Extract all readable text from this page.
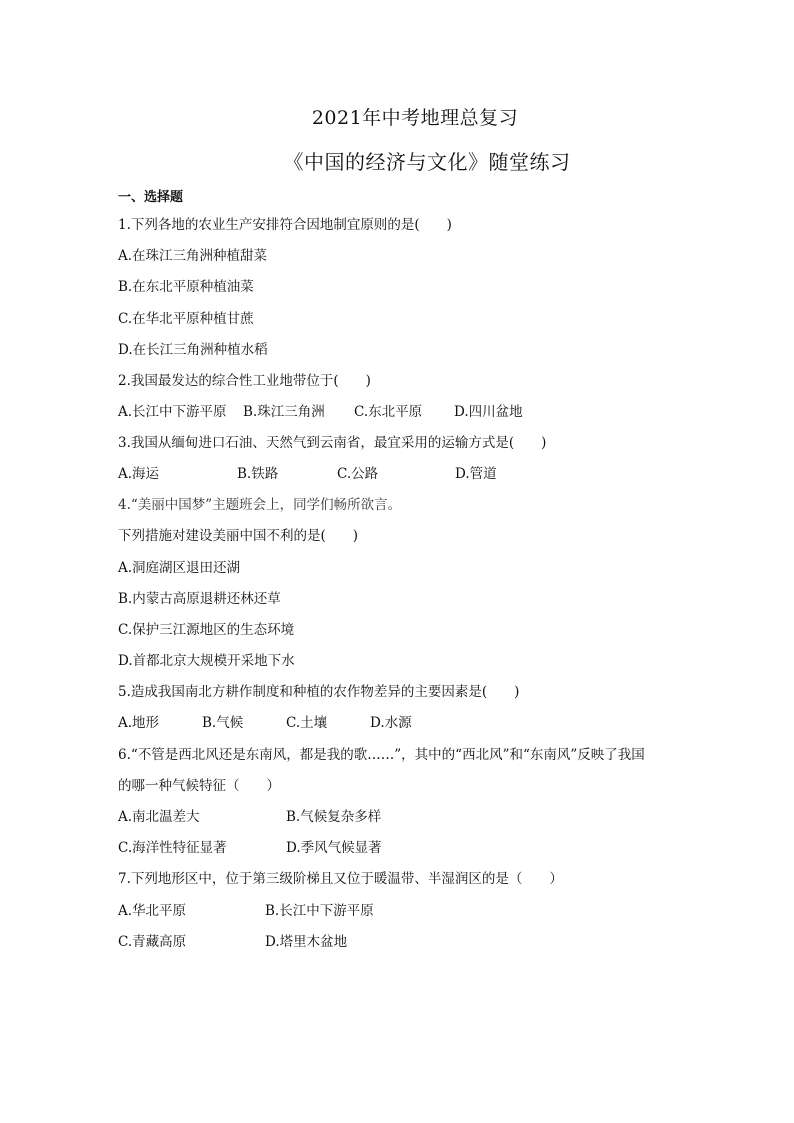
2021年中考地理总复习
《中国的经济与文化》随堂练习
一、选择题
1.下列各地的农业生产安排符合因地制宜原则的是(　　)
A.在珠江三角洲种植甜菜
B.在东北平原种植油菜
C.在华北平原种植甘蔗
D.在长江三角洲种植水稻
2.我国最发达的综合性工业地带位于(　　)
A.长江中下游平原 B.珠江三角洲 C.东北平原 D.四川盆地
3.我国从缅甸进口石油、天然气到云南省，最宜采用的运输方式是(　　)
A.海运	B.铁路	C.公路	D.管道
4.“美丽中国梦”主题班会上，同学们畅所欲言。
下列措施对建设美丽中国不利的是(　　)
A.洞庭湖区退田还湖
B.内蒙古高原退耕还林还草
C.保护三江源地区的生态环境
D.首都北京大规模开采地下水
5.造成我国南北方耕作制度和种植的农作物差异的主要因素是(　　)
A.地形	B.气候	C.土壤	D.水源
6.“不管是西北风还是东南风，都是我的歌……”，其中的“西北风”和“东南风”反映了我国
的哪一种气候特征（　　）
A.南北温差大	B.气候复杂多样
C.海洋性特征显著	D.季风气候显著
7.下列地形区中，位于第三级阶梯且又位于暖温带、半湿润区的是（　　）
A.华北平原	B.长江中下游平原
C.青藏高原	D.塔里木盆地
